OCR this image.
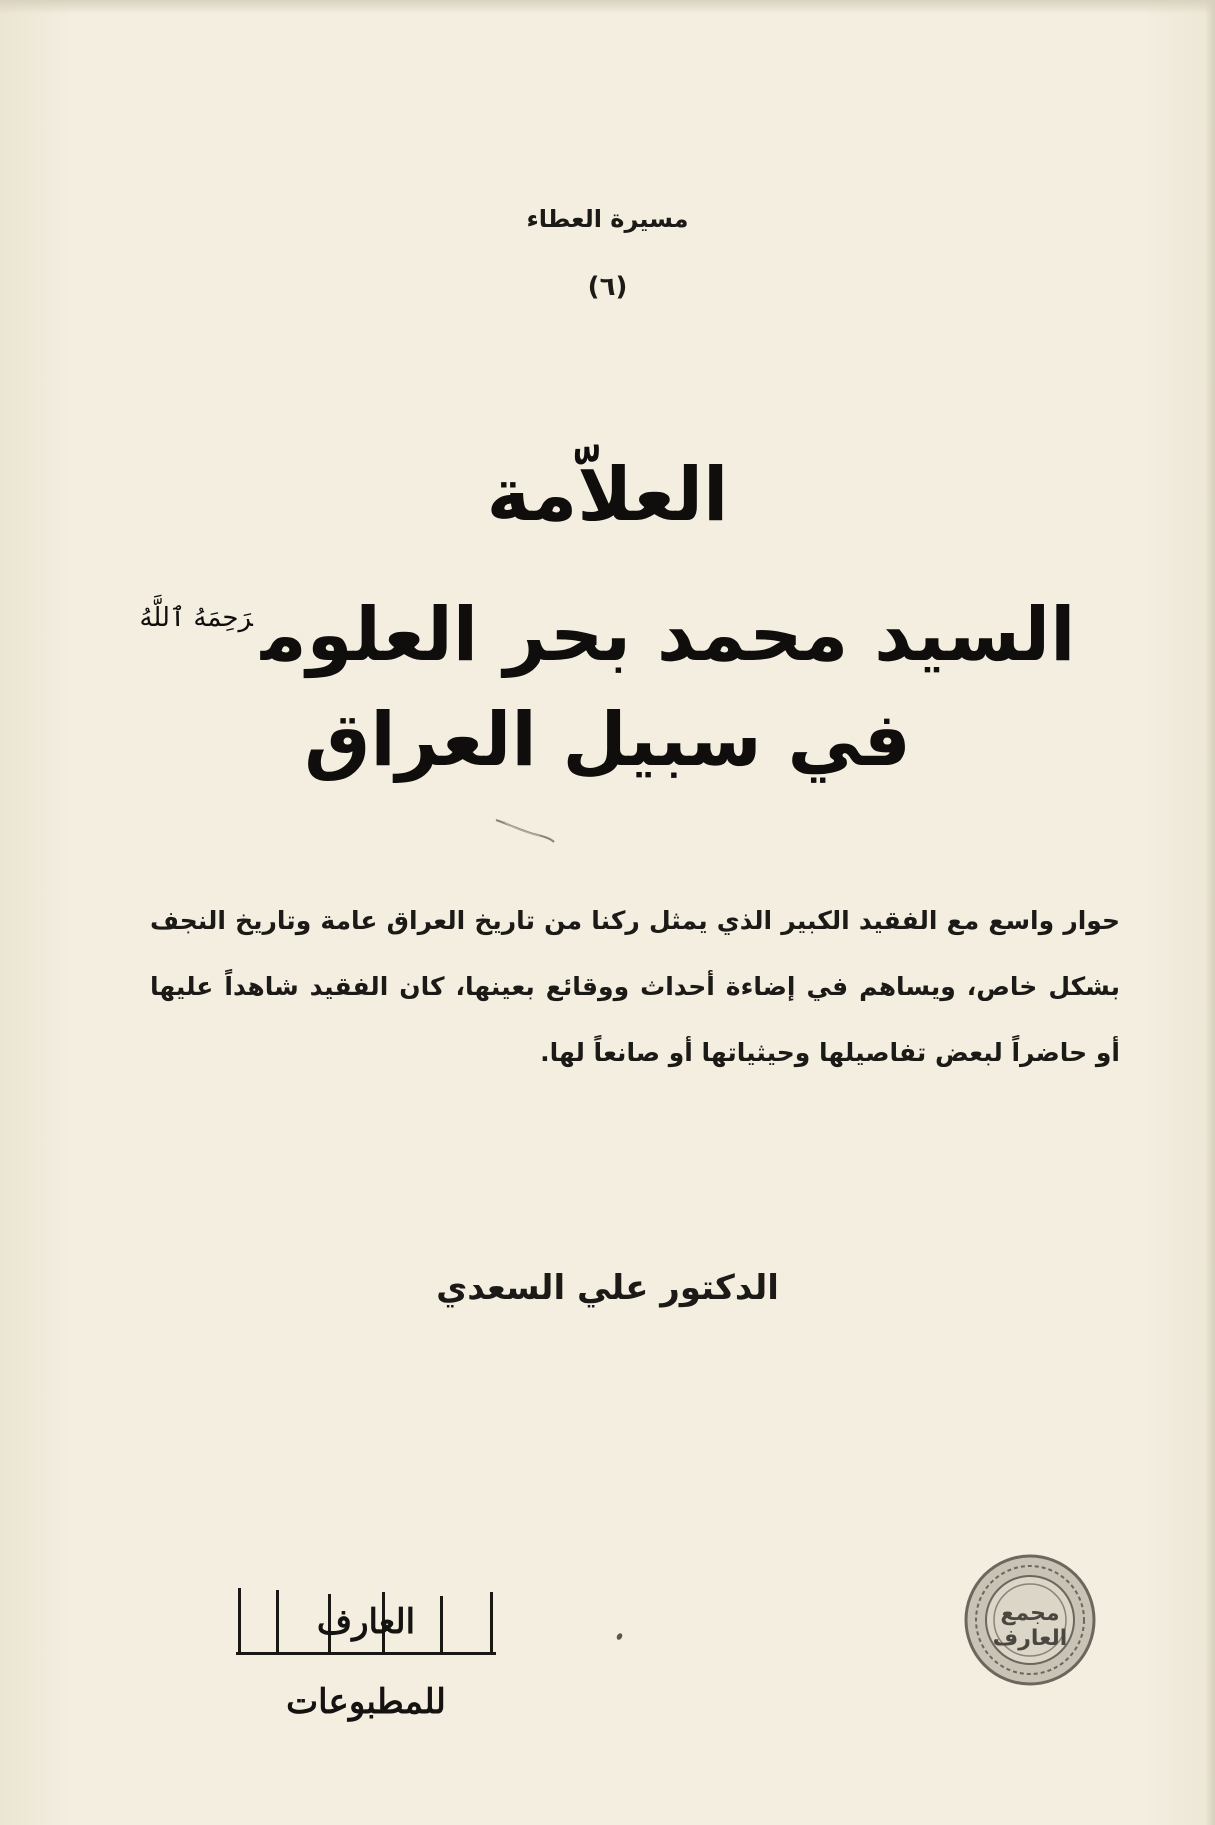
مسيرة العطاء
(٦)
العلاّمة
السيد محمد بحر العلوم$^{رَحِمَهُ ٱللَّهُ}$
في سبيل العراق
حوار واسع مع الفقيد الكبير الذي يمثل ركنا من تاريخ العراق عامة وتاريخ النجف بشكل خاص، ويساهم في إضاءة أحداث ووقائع بعينها، كان الفقيد شاهداً عليها أو حاضراً لبعض تفاصيلها وحيثياتها أو صانعاً لها.
الدكتور علي السعدي
العارف للمطبوعات
مجمع العارف
